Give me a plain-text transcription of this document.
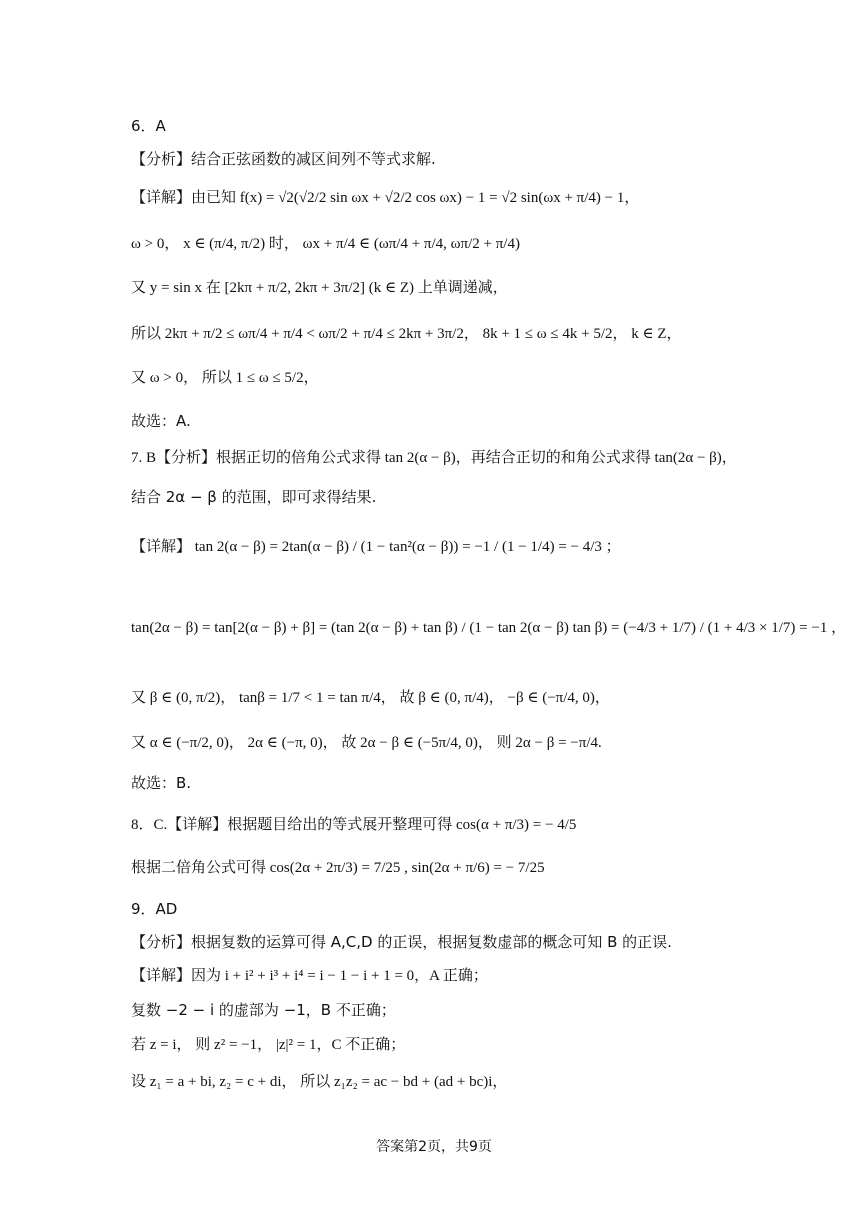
6．A
【分析】结合正弦函数的减区间列不等式求解.
【详解】由已知 f(x) = √2(√2/2 sin ωx + √2/2 cos ωx) − 1 = √2 sin(ωx + π/4) − 1，
ω > 0， x ∈ (π/4, π/2) 时， ωx + π/4 ∈ (ωπ/4 + π/4, ωπ/2 + π/4)
又 y = sin x 在 [2kπ + π/2, 2kπ + 3π/2] (k ∈ Z) 上单调递减，
所以 2kπ + π/2 ≤ ωπ/4 + π/4 < ωπ/2 + π/4 ≤ 2kπ + 3π/2， 8k + 1 ≤ ω ≤ 4k + 5/2， k ∈ Z，
又 ω > 0， 所以 1 ≤ ω ≤ 5/2，
故选：A.
7. B【分析】根据正切的倍角公式求得 tan 2(α − β)，再结合正切的和角公式求得 tan(2α − β)，
结合 2α − β 的范围，即可求得结果.
【详解】 tan 2(α − β) = 2tan(α − β) / (1 − tan²(α − β)) = −1 / (1 − 1/4) = − 4/3 ；
tan(2α − β) = tan[2(α − β) + β] = (tan 2(α − β) + tan β) / (1 − tan 2(α − β) tan β) = (−4/3 + 1/7) / (1 + 4/3 × 1/7) = −1 ，
又 β ∈ (0, π/2)， tanβ = 1/7 < 1 = tan π/4， 故 β ∈ (0, π/4)， −β ∈ (−π/4, 0)，
又 α ∈ (−π/2, 0)， 2α ∈ (−π, 0)， 故 2α − β ∈ (−5π/4, 0)， 则 2α − β = −π/4.
故选：B.
8．C.【详解】根据题目给出的等式展开整理可得 cos(α + π/3) = − 4/5
根据二倍角公式可得 cos(2α + 2π/3) = 7/25 , sin(2α + π/6) = − 7/25
9．AD
【分析】根据复数的运算可得 A,C,D 的正误，根据复数虚部的概念可知 B 的正误.
【详解】因为 i + i² + i³ + i⁴ = i − 1 − i + 1 = 0，A 正确；
复数 −2 − i 的虚部为 −1，B 不正确；
若 z = i， 则 z² = −1， |z|² = 1，C 不正确；
设 z₁ = a + bi, z₂ = c + di， 所以 z₁z₂ = ac − bd + (ad + bc)i，
答案第2页，共9页
